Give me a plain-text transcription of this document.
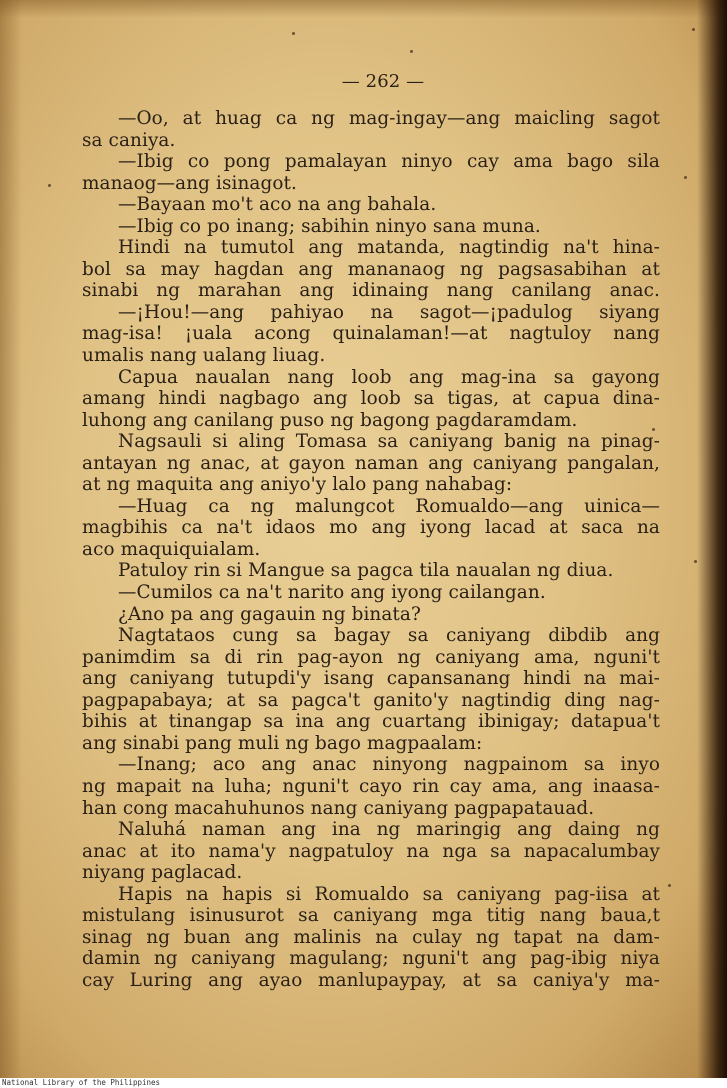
— 262 —
—Oo, at huag ca ng mag-ingay—ang maicling sagot
sa caniya.
—Ibig co pong pamalayan ninyo cay ama bago sila
manaog—ang isinagot.
—Bayaan mo't aco na ang bahala.
—Ibig co po inang; sabihin ninyo sana muna.
Hindi na tumutol ang matanda, nagtindig na't hina-
bol sa may hagdan ang mananaog ng pagsasabihan at
sinabi ng marahan ang idinaing nang canilang anac.
—¡Hou!—ang pahiyao na sagot—¡padulog siyang
mag-isa! ¡uala acong quinalaman!—at nagtuloy nang
umalis nang ualang liuag.
Capua naualan nang loob ang mag-ina sa gayong
amang hindi nagbago ang loob sa tigas, at capua dina-
luhong ang canilang puso ng bagong pagdaramdam.
Nagsauli si aling Tomasa sa caniyang banig na pinag-
antayan ng anac, at gayon naman ang caniyang pangalan,
at ng maquita ang aniyo'y lalo pang nahabag:
—Huag ca ng malungcot Romualdo—ang uinica—
magbihis ca na't idaos mo ang iyong lacad at saca na
aco maquiquialam.
Patuloy rin si Mangue sa pagca tila naualan ng diua.
—Cumilos ca na't narito ang iyong cailangan.
¿Ano pa ang gagauin ng binata?
Nagtataos cung sa bagay sa caniyang dibdib ang
panimdim sa di rin pag-ayon ng caniyang ama, nguni't
ang caniyang tutupdi'y isang capansanang hindi na mai-
pagpapabaya; at sa pagca't ganito'y nagtindig ding nag-
bihis at tinangap sa ina ang cuartang ibinigay; datapua't
ang sinabi pang muli ng bago magpaalam:
—Inang; aco ang anac ninyong nagpainom sa inyo
ng mapait na luha; nguni't cayo rin cay ama, ang inaasa-
han cong macahuhunos nang caniyang pagpapatauad.
Naluhá naman ang ina ng maringig ang daing ng
anac at ito nama'y nagpatuloy na nga sa napacalumbay
niyang paglacad.
Hapis na hapis si Romualdo sa caniyang pag-iisa at
mistulang isinusurot sa caniyang mga titig nang baua,t
sinag ng buan ang malinis na culay ng tapat na dam-
damin ng caniyang magulang; nguni't ang pag-ibig niya
cay Luring ang ayao manlupaypay, at sa caniya'y ma-
National Library of the Philippines
